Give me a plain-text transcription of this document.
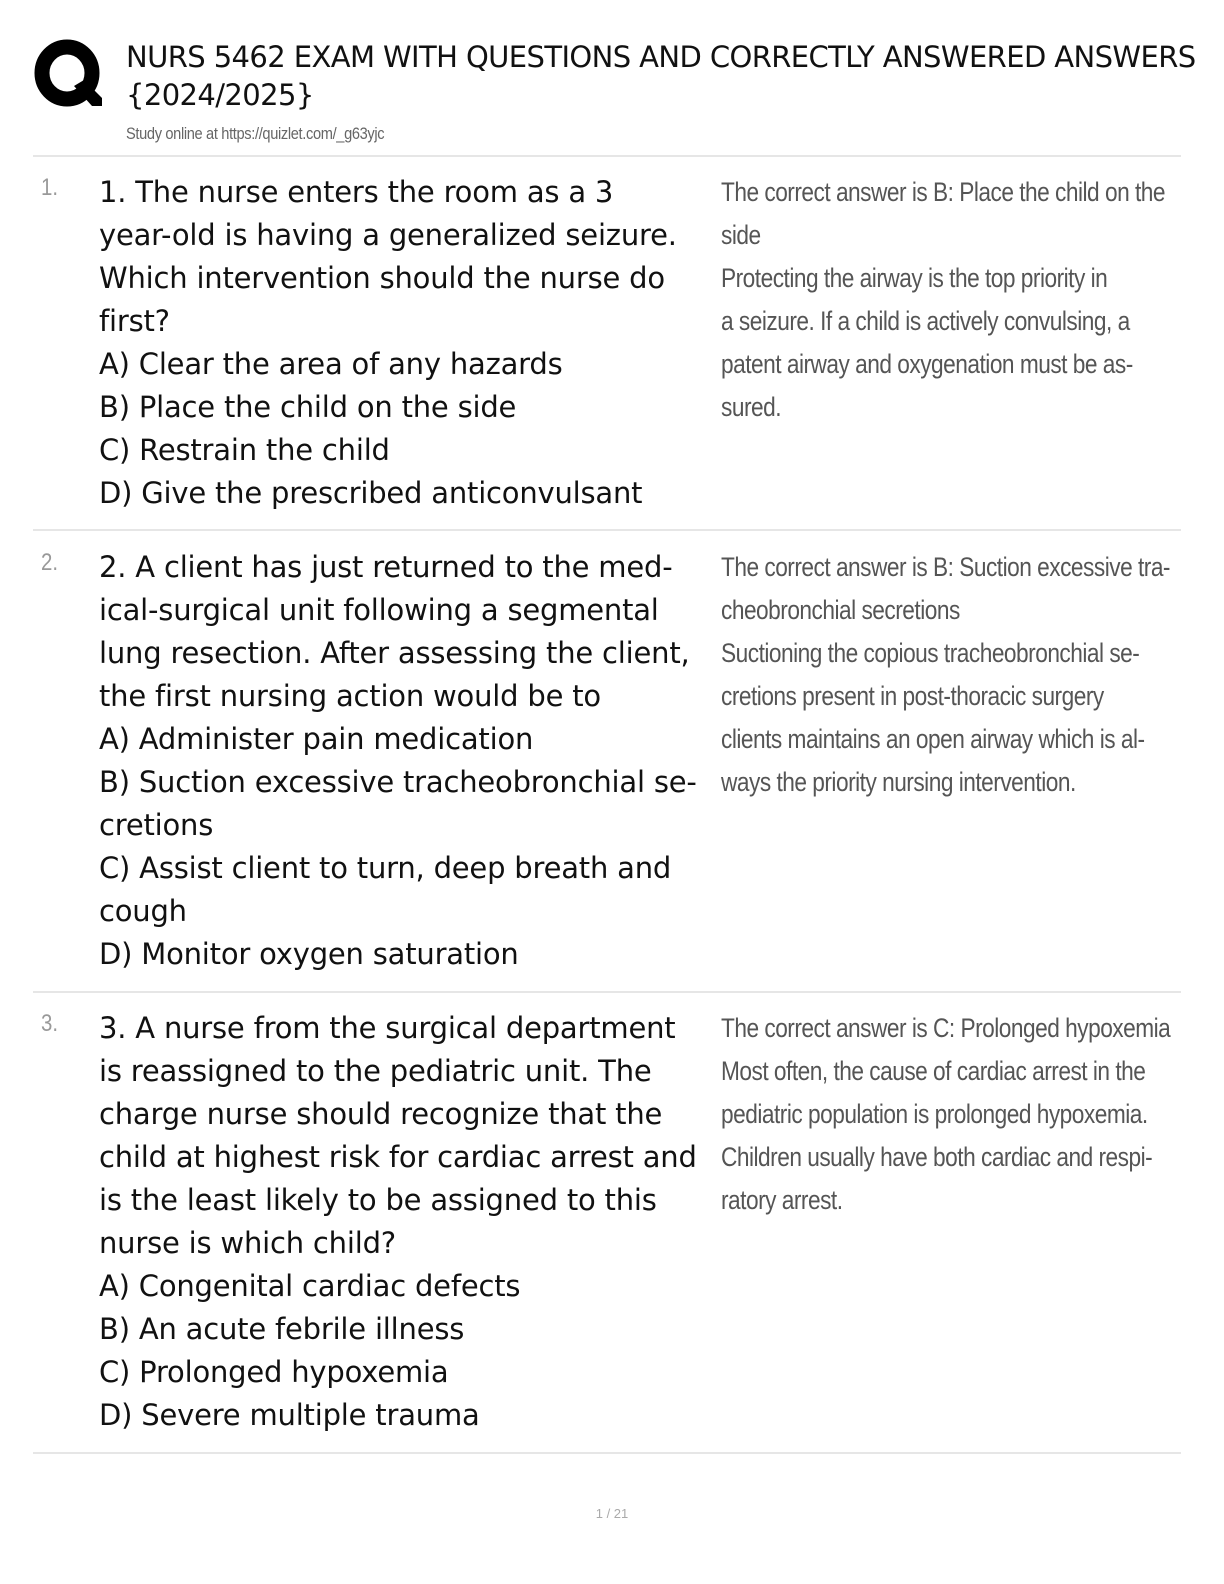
NURS 5462 EXAM WITH QUESTIONS AND CORRECTLY ANSWERED ANSWERS
{2024/2025}
Study online at https://quizlet.com/_g63yjc
1. 1. The nurse enters the room as a 3
year-old is having a generalized seizure.
Which intervention should the nurse do
first?
A) Clear the area of any hazards
B) Place the child on the side
C) Restrain the child
D) Give the prescribed anticonvulsant
The correct answer is B: Place the child on the
side
Protecting the airway is the top priority in
a seizure. If a child is actively convulsing, a
patent airway and oxygenation must be as-
sured.
2. 2. A client has just returned to the med-
ical-surgical unit following a segmental
lung resection. After assessing the client,
the first nursing action would be to
A) Administer pain medication
B) Suction excessive tracheobronchial se-
cretions
C) Assist client to turn, deep breath and
cough
D) Monitor oxygen saturation
The correct answer is B: Suction excessive tra-
cheobronchial secretions
Suctioning the copious tracheobronchial se-
cretions present in post-thoracic surgery
clients maintains an open airway which is al-
ways the priority nursing intervention.
3. 3. A nurse from the surgical department
is reassigned to the pediatric unit. The
charge nurse should recognize that the
child at highest risk for cardiac arrest and
is the least likely to be assigned to this
nurse is which child?
A) Congenital cardiac defects
B) An acute febrile illness
C) Prolonged hypoxemia
D) Severe multiple trauma
The correct answer is C: Prolonged hypoxemia
Most often, the cause of cardiac arrest in the
pediatric population is prolonged hypoxemia.
Children usually have both cardiac and respi-
ratory arrest.
1 / 21
